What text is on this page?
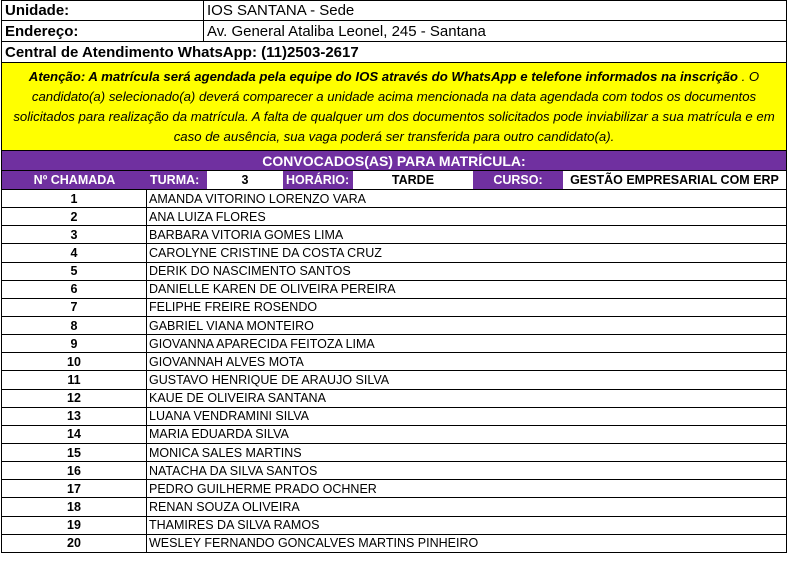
Unidade:	IOS SANTANA - Sede
Endereço:	Av. General Ataliba Leonel, 245 - Santana
Central de Atendimento WhatsApp: (11)2503-2617

Atenção: A matrícula será agendada pela equipe do IOS através do WhatsApp e telefone informados na inscrição . O candidato(a) selecionado(a) deverá comparecer a unidade acima mencionada na data agendada com todos os documentos solicitados para realização da matrícula. A falta de qualquer um dos documentos solicitados pode inviabilizar a sua matrícula e em caso de ausência, sua vaga poderá ser transferida para outro candidato(a).

CONVOCADOS(AS) PARA MATRÍCULA:
Nº CHAMADA	TURMA:	3	HORÁRIO:	TARDE	CURSO:	GESTÃO EMPRESARIAL COM ERP
1	AMANDA VITORINO LORENZO VARA
2	ANA LUIZA FLORES
3	BARBARA VITORIA GOMES LIMA
4	CAROLYNE CRISTINE DA COSTA CRUZ
5	DERIK DO NASCIMENTO SANTOS
6	DANIELLE KAREN DE OLIVEIRA PEREIRA
7	FELIPHE FREIRE ROSENDO
8	GABRIEL VIANA MONTEIRO
9	GIOVANNA APARECIDA FEITOZA LIMA
10	GIOVANNAH ALVES MOTA
11	GUSTAVO HENRIQUE DE ARAUJO SILVA
12	KAUE DE OLIVEIRA SANTANA
13	LUANA VENDRAMINI SILVA
14	MARIA EDUARDA SILVA
15	MONICA SALES MARTINS
16	NATACHA DA SILVA SANTOS
17	PEDRO GUILHERME PRADO OCHNER
18	RENAN SOUZA OLIVEIRA
19	THAMIRES DA SILVA RAMOS
20	WESLEY FERNANDO GONCALVES MARTINS PINHEIRO
